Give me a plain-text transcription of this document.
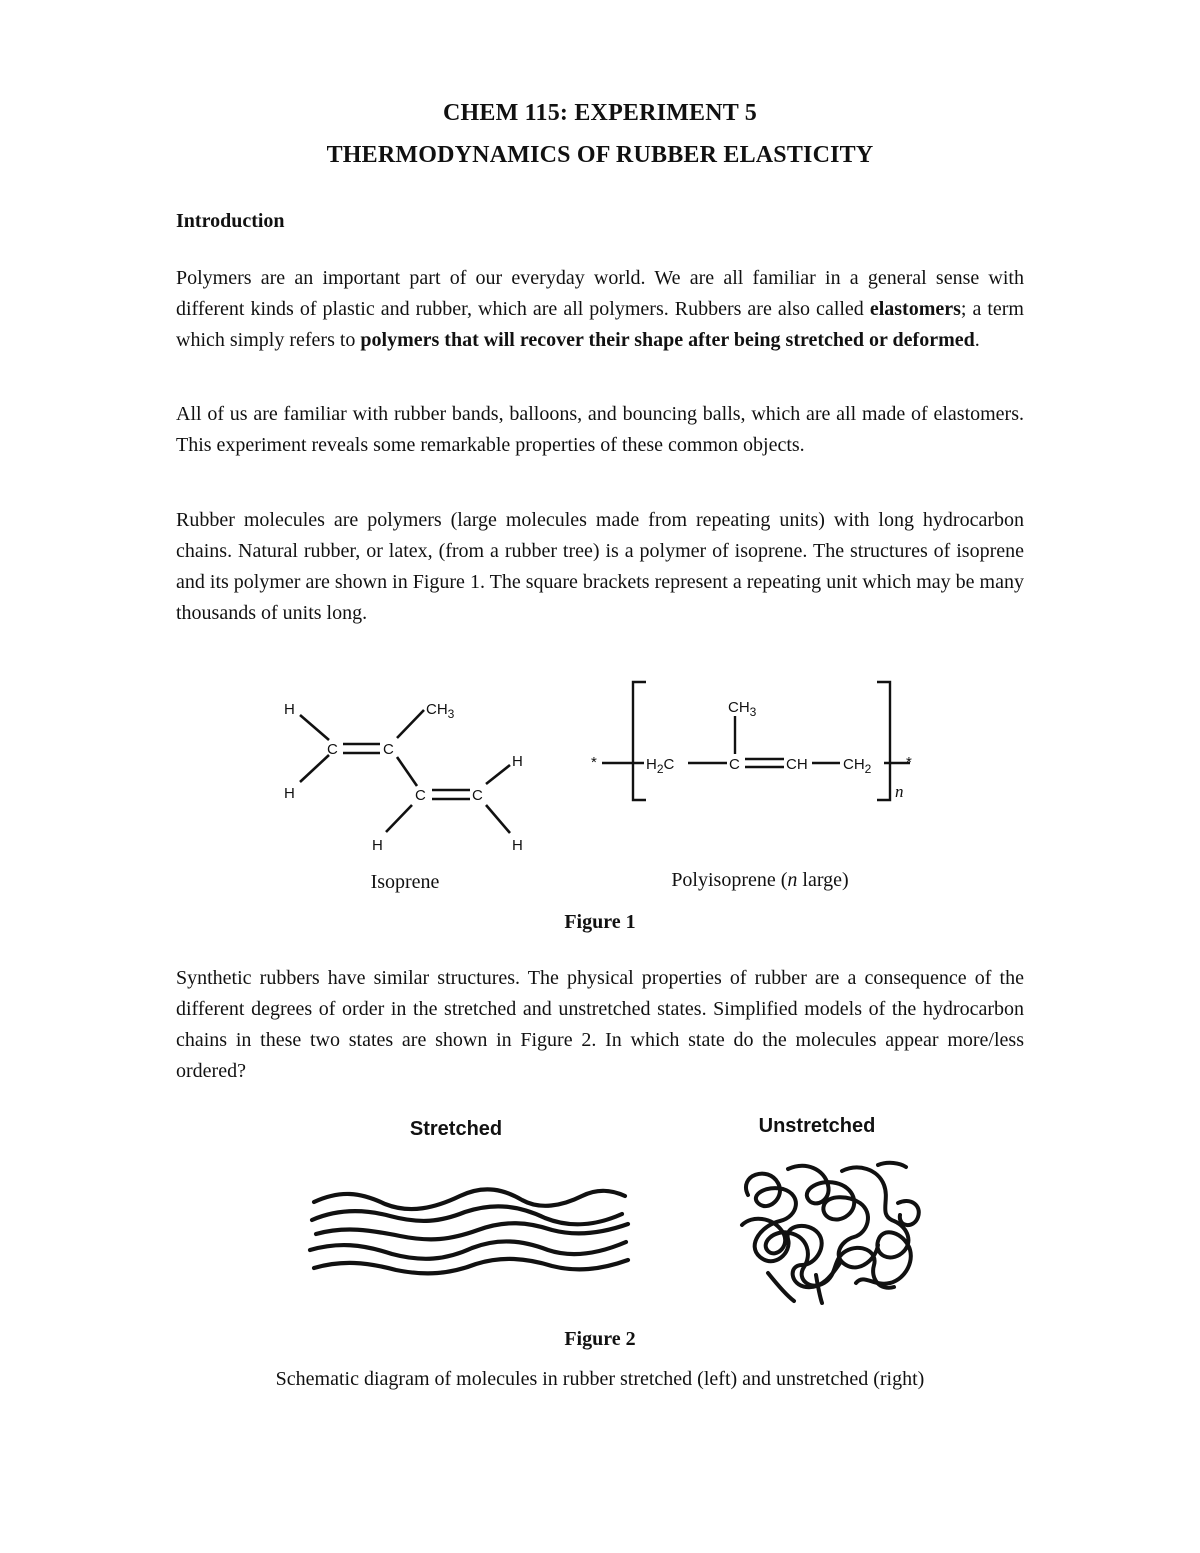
CHEM 115: EXPERIMENT 5
THERMODYNAMICS OF RUBBER ELASTICITY
Introduction

Polymers are an important part of our everyday world. We are all familiar in a general sense with different kinds of plastic and rubber, which are all polymers. Rubbers are also called elastomers; a term which simply refers to polymers that will recover their shape after being stretched or deformed.

All of us are familiar with rubber bands, balloons, and bouncing balls, which are all made of elastomers. This experiment reveals some remarkable properties of these common objects.

Rubber molecules are polymers (large molecules made from repeating units) with long hydrocarbon chains. Natural rubber, or latex, (from a rubber tree) is a polymer of isoprene. The structures of isoprene and its polymer are shown in Figure 1. The square brackets represent a repeating unit which may be many thousands of units long.

H	$CH_3$
C	C
H	C	C
H
H	H
$CH_3$
*	$H_2C$	C	CH $CH_2$ *
n
Isoprene	Polyisoprene (n large)
Figure 1

Synthetic rubbers have similar structures. The physical properties of rubber are a consequence of the different degrees of order in the stretched and unstretched states. Simplified models of the hydrocarbon chains in these two states are shown in Figure 2. In which state do the molecules appear more/less ordered?

Stretched	Unstretched
Figure 2
Schematic diagram of molecules in rubber stretched (left) and unstretched (right)
